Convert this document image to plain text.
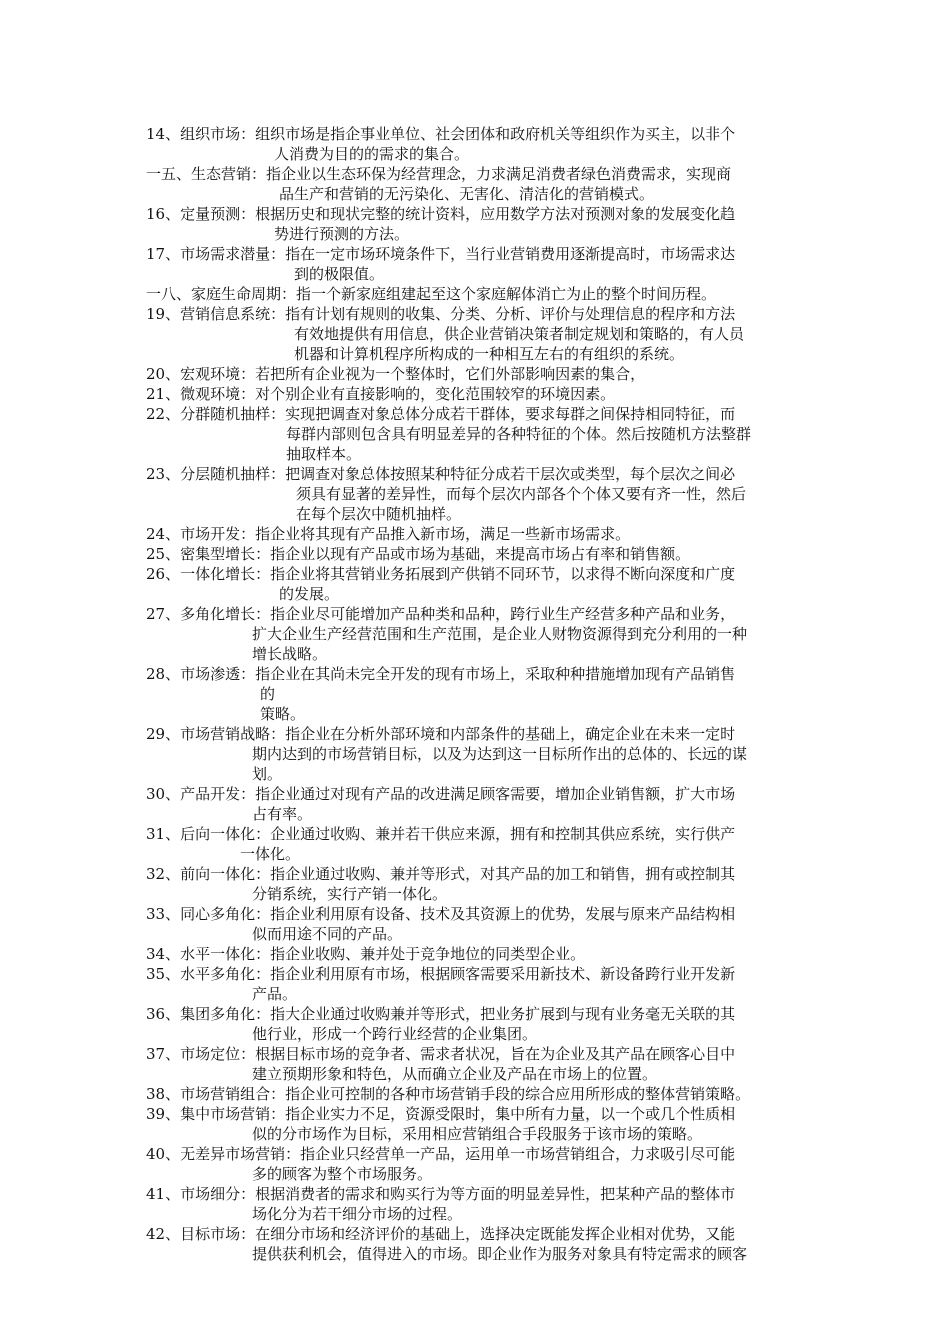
14、组织市场：组织市场是指企事业单位、社会团体和政府机关等组织作为买主，以非个
人消费为目的的需求的集合。

一五、生态营销：指企业以生态环保为经营理念，力求满足消费者绿色消费需求，实现商
品生产和营销的无污染化、无害化、清洁化的营销模式。

16、定量预测：根据历史和现状完整的统计资料，应用数学方法对预测对象的发展变化趋
势进行预测的方法。

17、市场需求潜量：指在一定市场环境条件下，当行业营销费用逐渐提高时，市场需求达
到的极限值。

一八、家庭生命周期：指一个新家庭组建起至这个家庭解体消亡为止的整个时间历程。

19、营销信息系统：指有计划有规则的收集、分类、分析、评价与处理信息的程序和方法
有效地提供有用信息，供企业营销决策者制定规划和策略的，有人员
机器和计算机程序所构成的一种相互左右的有组织的系统。

20、宏观环境：若把所有企业视为一个整体时，它们外部影响因素的集合，

21、微观环境：对个别企业有直接影响的，变化范围较窄的环境因素。

22、分群随机抽样：实现把调查对象总体分成若干群体，要求每群之间保持相同特征，而
每群内部则包含具有明显差异的各种特征的个体。然后按随机方法整群
抽取样本。

23、分层随机抽样：把调查对象总体按照某种特征分成若干层次或类型，每个层次之间必
须具有显著的差异性，而每个层次内部各个个体又要有齐一性，然后
在每个层次中随机抽样。

24、市场开发：指企业将其现有产品推入新市场，满足一些新市场需求。

25、密集型增长：指企业以现有产品或市场为基础，来提高市场占有率和销售额。

26、一体化增长：指企业将其营销业务拓展到产供销不同环节，以求得不断向深度和广度
的发展。

27、多角化增长：指企业尽可能增加产品种类和品种，跨行业生产经营多种产品和业务，
扩大企业生产经营范围和生产范围，是企业人财物资源得到充分利用的一种
增长战略。

28、市场渗透：指企业在其尚未完全开发的现有市场上，采取种种措施增加现有产品销售
的
策略。

29、市场营销战略：指企业在分析外部环境和内部条件的基础上，确定企业在未来一定时
期内达到的市场营销目标，以及为达到这一目标所作出的总体的、长远的谋
划。

30、产品开发：指企业通过对现有产品的改进满足顾客需要，增加企业销售额，扩大市场
占有率。

31、后向一体化：企业通过收购、兼并若干供应来源，拥有和控制其供应系统，实行供产
一体化。

32、前向一体化：指企业通过收购、兼并等形式，对其产品的加工和销售，拥有或控制其
分销系统，实行产销一体化。

33、同心多角化：指企业利用原有设备、技术及其资源上的优势，发展与原来产品结构相
似而用途不同的产品。

34、水平一体化：指企业收购、兼并处于竞争地位的同类型企业。

35、水平多角化：指企业利用原有市场，根据顾客需要采用新技术、新设备跨行业开发新
产品。

36、集团多角化：指大企业通过收购兼并等形式，把业务扩展到与现有业务毫无关联的其
他行业，形成一个跨行业经营的企业集团。

37、市场定位：根据目标市场的竞争者、需求者状况，旨在为企业及其产品在顾客心目中
建立预期形象和特色，从而确立企业及产品在市场上的位置。

38、市场营销组合：指企业可控制的各种市场营销手段的综合应用所形成的整体营销策略。

39、集中市场营销：指企业实力不足，资源受限时，集中所有力量，以一个或几个性质相
似的分市场作为目标，采用相应营销组合手段服务于该市场的策略。

40、无差异市场营销：指企业只经营单一产品，运用单一市场营销组合，力求吸引尽可能
多的顾客为整个市场服务。

41、市场细分：根据消费者的需求和购买行为等方面的明显差异性，把某种产品的整体市
场化分为若干细分市场的过程。

42、目标市场：在细分市场和经济评价的基础上，选择决定既能发挥企业相对优势，又能
提供获利机会，值得进入的市场。即企业作为服务对象具有特定需求的顾客
